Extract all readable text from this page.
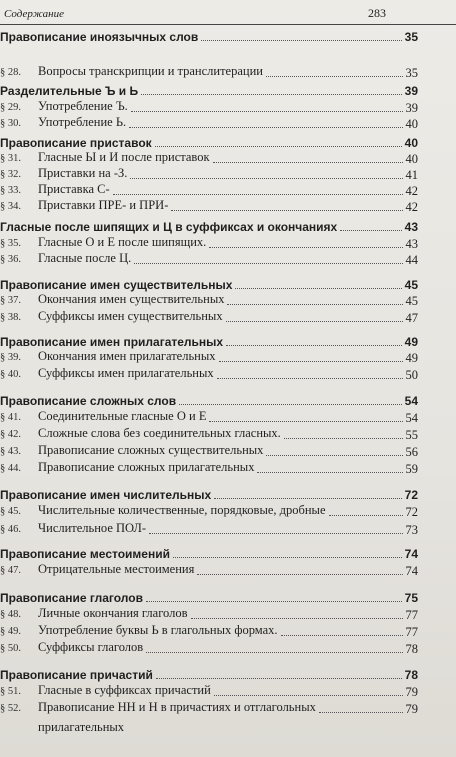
Содержание	283
Правописание иноязычных слов	35
§ 28. Вопросы транскрипции и транслитерации	35
Разделительные Ъ и Ь	39
§ 29. Употребление Ъ.	39
§ 30. Употребление Ь.	40
Правописание приставок	40
§ 31. Гласные Ы и И после приставок	40
§ 32. Приставки на -З.	41
§ 33. Приставка С-	42
§ 34. Приставки ПРЕ- и ПРИ-	42
Гласные после шипящих и Ц в суффиксах и окончаниях	43
§ 35. Гласные О и Е после шипящих.	43
§ 36. Гласные после Ц.	44
Правописание имен существительных	45
§ 37. Окончания имен существительных	45
§ 38. Суффиксы имен существительных	47
Правописание имен прилагательных	49
§ 39. Окончания имен прилагательных	49
§ 40. Суффиксы имен прилагательных	50
Правописание сложных слов	54
§ 41. Соединительные гласные О и Е	54
§ 42. Сложные слова без соединительных гласных.	55
§ 43. Правописание сложных существительных	56
§ 44. Правописание сложных прилагательных	59
Правописание имен числительных	72
§ 45. Числительные количественные, порядковые, дробные	72
§ 46. Числительное ПОЛ-	73
Правописание местоимений	74
§ 47. Отрицательные местоимения	74
Правописание глаголов	75
§ 48. Личные окончания глаголов	77
§ 49. Употребление буквы Ь в глагольных формах.	77
§ 50. Суффиксы глаголов	78
Правописание причастий	78
§ 51. Гласные в суффиксах причастий	79
§ 52. Правописание НН и Н в причастиях и отглагольных	79
прилагательных
